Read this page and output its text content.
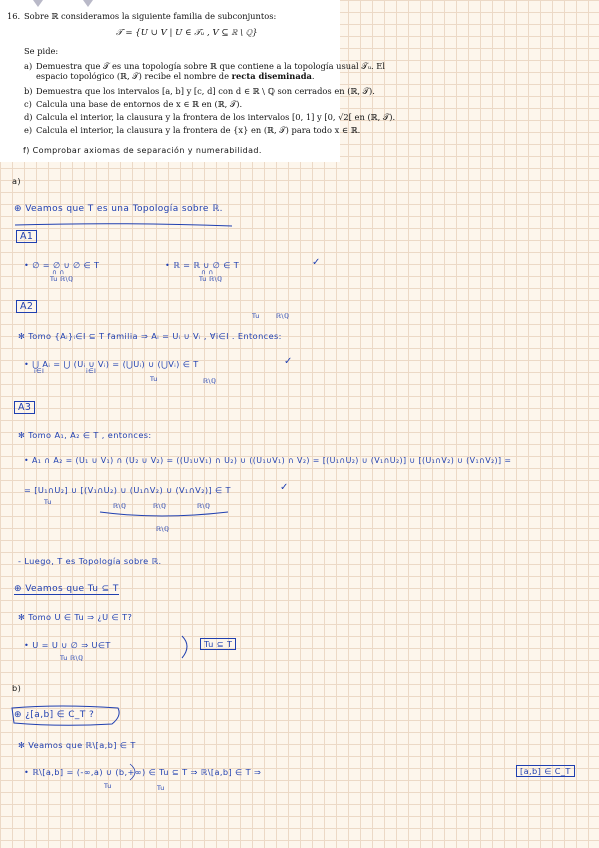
16. Sobre ℝ consideramos la siguiente familia de subconjuntos:
𝒯 = {U ∪ V | U ∈ 𝒯ᵤ , V ⊆ ℝ \ ℚ}
Se pide:
a) Demuestra que 𝒯 es una topología sobre ℝ que contiene a la topología usual 𝒯ᵤ. El
espacio topológico (ℝ, 𝒯) recibe el nombre de recta diseminada.
b) Demuestra que los intervalos [a, b] y [c, d] con d ∈ ℝ \ ℚ son cerrados en (ℝ, 𝒯).
c) Calcula una base de entornos de x ∈ ℝ en (ℝ, 𝒯).
d) Calcula el interior, la clausura y la frontera de los intervalos [0, 1] y [0, √2[ en (ℝ, 𝒯).
e) Calcula el interior, la clausura y la frontera de {x} en (ℝ, 𝒯) para todo x ∈ ℝ.
f) Comprobar axiomas de separación y numerabilidad.
a)
⊕ Veamos que T es una Topología sobre ℝ.
A1
• ∅ = ∅ ∪ ∅ ∈ T
∩ ∩
Tu ℝ\ℚ
• ℝ = ℝ ∪ ∅ ∈ T
∩ ∩
Tu ℝ\ℚ
✓
A2
Tu	ℝ\ℚ
✻ Tomo {Aᵢ}ᵢ∈I ⊆ T familia ⇒ Aᵢ = Uᵢ ∪ Vᵢ , ∀i∈I . Entonces:
• ⋃ Aᵢ = ⋃ (Uᵢ ∪ Vᵢ) = (⋃Uᵢ) ∪ (⋃Vᵢ) ∈ T
i∈I	i∈I
Tu	ℝ\ℚ
✓
A3
✻ Tomo A₁, A₂ ∈ T , entonces:
• A₁ ∩ A₂ = (U₁ ∪ V₁) ∩ (U₂ ∪ V₂) = ((U₁∪V₁) ∩ U₂) ∪ ((U₁∪V₁) ∩ V₂) = [(U₁∩U₂) ∪ (V₁∩U₂)] ∪ [(U₁∩V₂) ∪ (V₁∩V₂)] =
= [U₁∩U₂] ∪ [(V₁∩U₂) ∪ (U₁∩V₂) ∪ (V₁∩V₂)] ∈ T
Tu
ℝ\ℚ	ℝ\ℚ	ℝ\ℚ
ℝ\ℚ
✓
- Luego, T es Topología sobre ℝ.
⊕ Veamos que Tu ⊆ T
✻ Tomo U ∈ Tu ⇒ ¿U ∈ T?
• U = U ∪ ∅ ⇒ U∈T
Tu ℝ\ℚ
Tu ⊆ T
b)
⊕ ¿[a,b] ∈ C_T ?
✻ Veamos que ℝ\[a,b] ∈ T
• ℝ\[a,b] = (-∞,a) ∪ (b,+∞) ∈ Tu ⊆ T ⇒ ℝ\[a,b] ∈ T ⇒
Tu	Tu
[a,b] ∈ C_T
